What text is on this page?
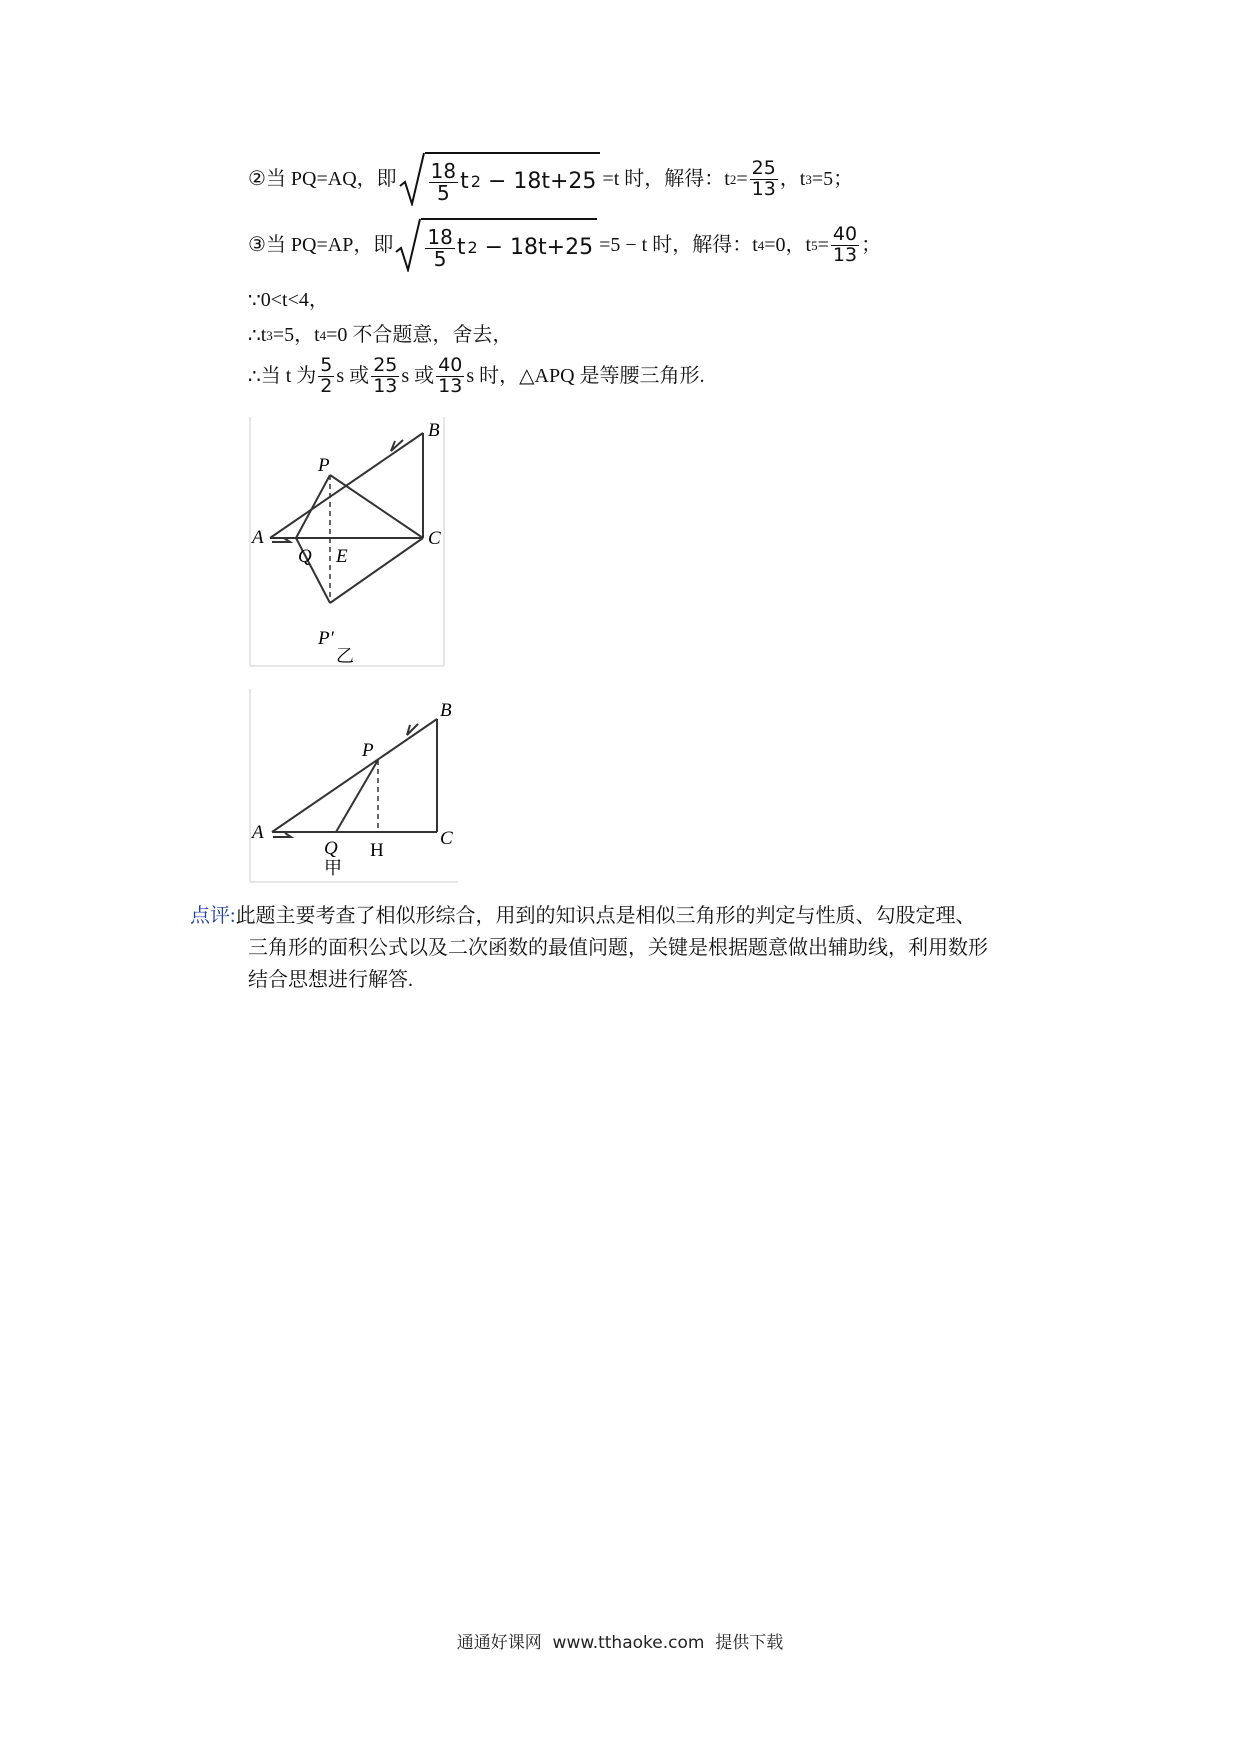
② 当 PQ=AQ，即 $\frac{18}{5}$ t 2 − 18t+25 =t 时，解得：t $2 = \frac{25}{13}$ ，t 3 =5；
③ 当 PQ=AP，即 $\frac{18}{5}$ t 2 − 18t+25 =5 − t 时，解得：t 4 =0，t $5 = \frac{40}{13}$ ；
∵ 0<t<4，
∴ t 3 =5，t 4 =0 不合题意，舍去，
∴ 当 t 为 $\frac{5}{2}$ s 或 $\frac{25}{13}$ s 或 $\frac{40}{13}$ s 时，△APQ 是等腰三角形.
A
B
P
C
Q E
P′
乙
A
B
P
C
Q H
甲
点评:此题主要考查了相似形综合，用到的知识点是相似三角形的判定与性质、勾股定理、
三角形的面积公式以及二次函数的最值问题，关键是根据题意做出辅助线，利用数形
结合思想进行解答.
通通好课网  www.tthaoke.com  提供下载
